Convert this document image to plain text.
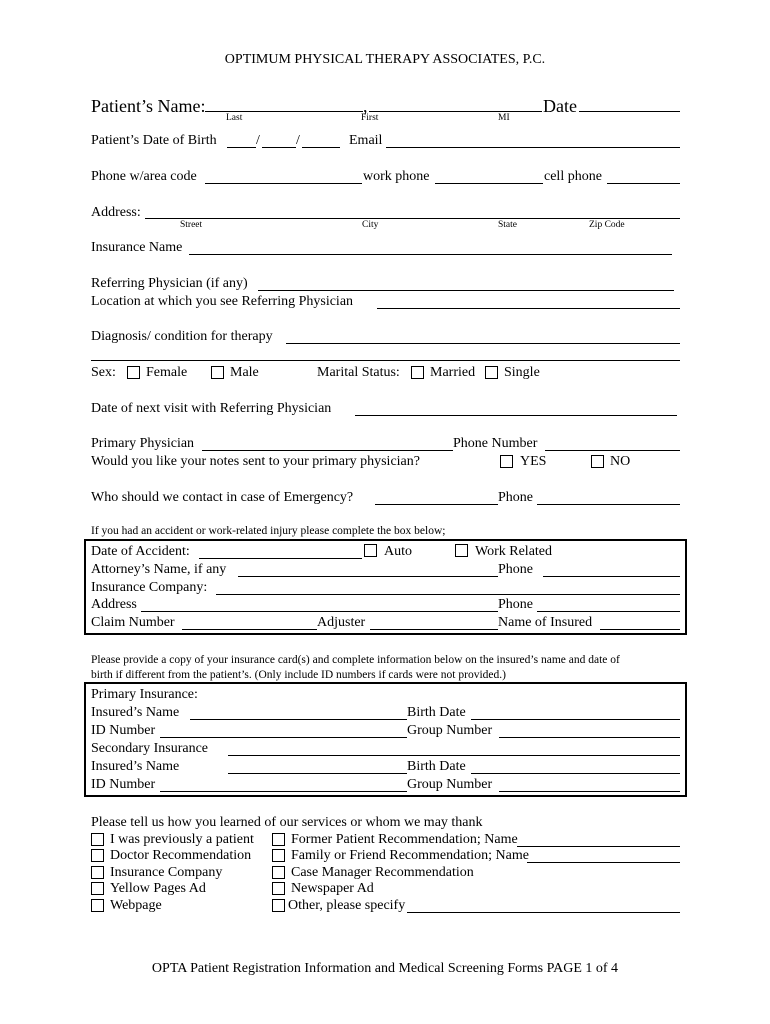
OPTIMUM PHYSICAL THERAPY ASSOCIATES, P.C.
Patient’s Name:	,	Date
Last	First	MI
Patient’s Date of Birth	/	/	Email
Phone w/area code	work phone	cell phone
Address:
Street	City	State	Zip Code
Insurance Name
Referring Physician (if any)
Location at which you see Referring Physician
Diagnosis/ condition for therapy
Sex: Female	Male	Marital Status: Married Single
Date of next visit with Referring Physician
Primary Physician	Phone Number
Would you like your notes sent to your primary physician?	YES	NO
Who should we contact in case of Emergency?	Phone
If you had an accident or work-related injury please complete the box below;
Date of Accident:	Auto	Work Related
Attorney’s Name, if any	Phone
Insurance Company:
Address	Phone
Claim Number	Adjuster	Name of Insured
Please provide a copy of your insurance card(s) and complete information below on the insured’s name and date of
birth if different from the patient’s. (Only include ID numbers if cards were not provided.)
Primary Insurance:
Insured’s Name	Birth Date
ID Number	Group Number
Secondary Insurance
Insured’s Name	Birth Date
ID Number	Group Number
Please tell us how you learned of our services or whom we may thank
I was previously a patient
Doctor Recommendation
Insurance Company
Yellow Pages Ad
Webpage
Former Patient Recommendation; Name
Family or Friend Recommendation; Name
Case Manager Recommendation
Newspaper Ad
Other, please specify
OPTA Patient Registration Information and Medical Screening Forms PAGE 1 of 4
